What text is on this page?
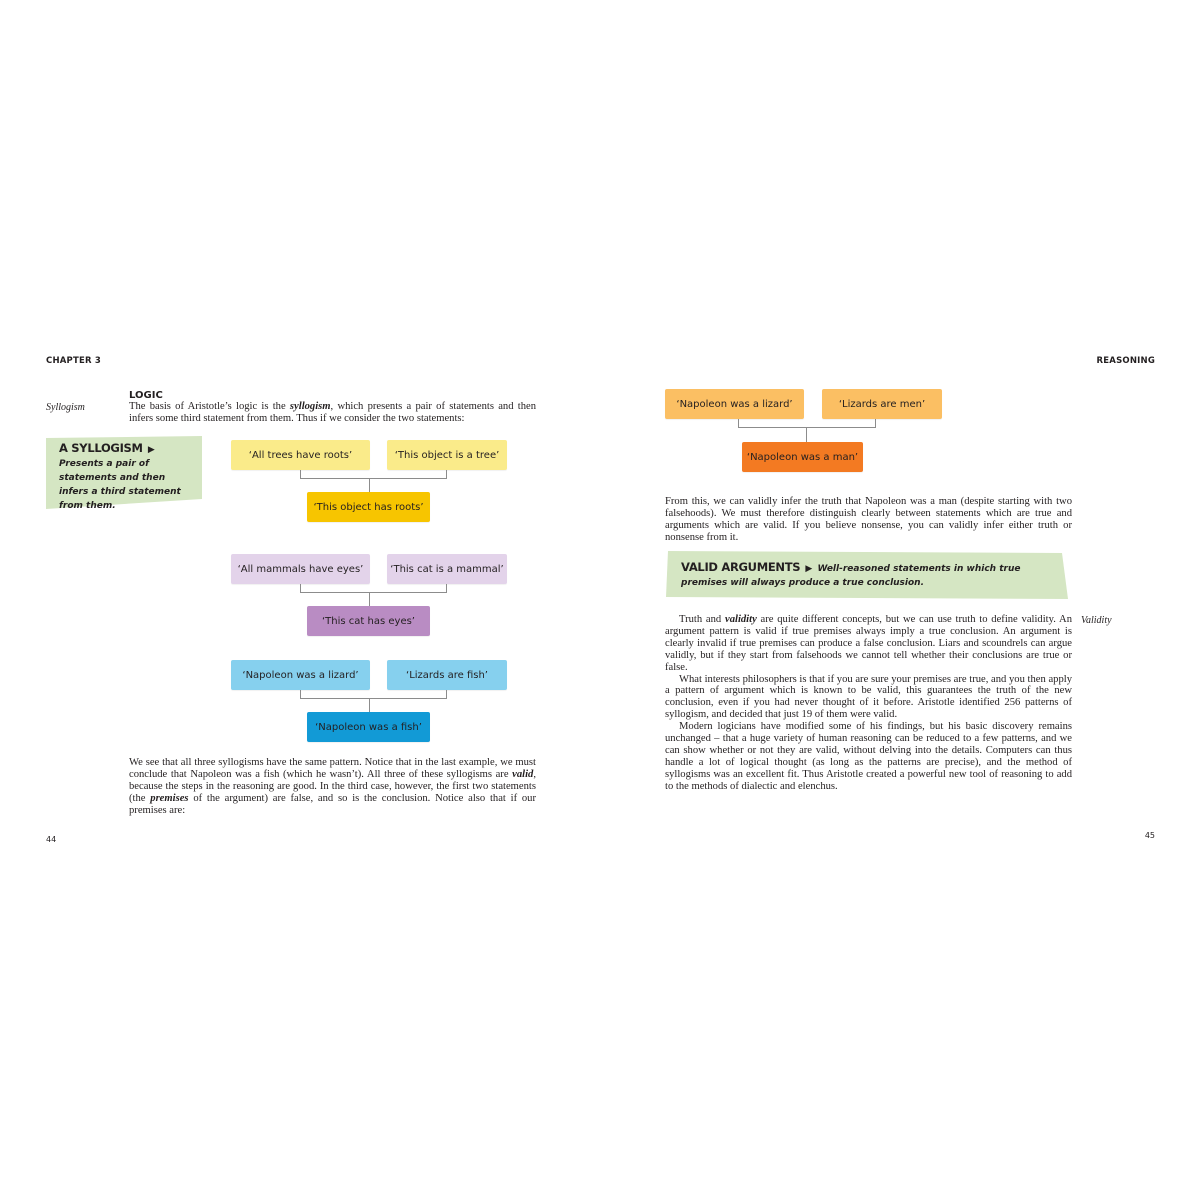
CHAPTER 3
LOGIC
Syllogism	The basis of Aristotle’s logic is the syllogism, which presents a pair of statements and then infers some third statement from them. Thus if we consider the two statements:
A SYLLOGISM ▶ Presents a pair of statements and then infers a third statement from them.
‘All trees have roots’	‘This object is a tree’
‘This object has roots’
‘All mammals have eyes’	‘This cat is a mammal’
‘This cat has eyes’
‘Napoleon was a lizard’	‘Lizards are fish’
‘Napoleon was a fish’
We see that all three syllogisms have the same pattern. Notice that in the last example, we must conclude that Napoleon was a fish (which he wasn’t). All three of these syllogisms are valid, because the steps in the reasoning are good. In the third case, however, the first two statements (the premises of the argument) are false, and so is the conclusion. Notice also that if our premises are:
44
REASONING
‘Napoleon was a lizard’	‘Lizards are men’
‘Napoleon was a man’
From this, we can validly infer the truth that Napoleon was a man (despite starting with two falsehoods). We must therefore distinguish clearly between statements which are true and arguments which are valid. If you believe nonsense, you can validly infer either truth or nonsense from it.
VALID ARGUMENTS ▶ Well-reasoned statements in which true premises will always produce a true conclusion.
Validity

Truth and validity are quite different concepts, but we can use truth to define validity. An argument pattern is valid if true premises always imply a true conclusion. An argument is clearly invalid if true premises can produce a false conclusion. Liars and scoundrels can argue validly, but if they start from falsehoods we cannot tell whether their conclusions are true or false.

What interests philosophers is that if you are sure your premises are true, and you then apply a pattern of argument which is known to be valid, this guarantees the truth of the new conclusion, even if you had never thought of it before. Aristotle identified 256 patterns of syllogism, and decided that just 19 of them were valid.

Modern logicians have modified some of his findings, but his basic discovery remains unchanged – that a huge variety of human reasoning can be reduced to a few patterns, and we can show whether or not they are valid, without delving into the details. Computers can thus handle a lot of logical thought (as long as the patterns are precise), and the method of syllogisms was an excellent fit. Thus Aristotle created a powerful new tool of reasoning to add to the methods of dialectic and elenchus.

45
